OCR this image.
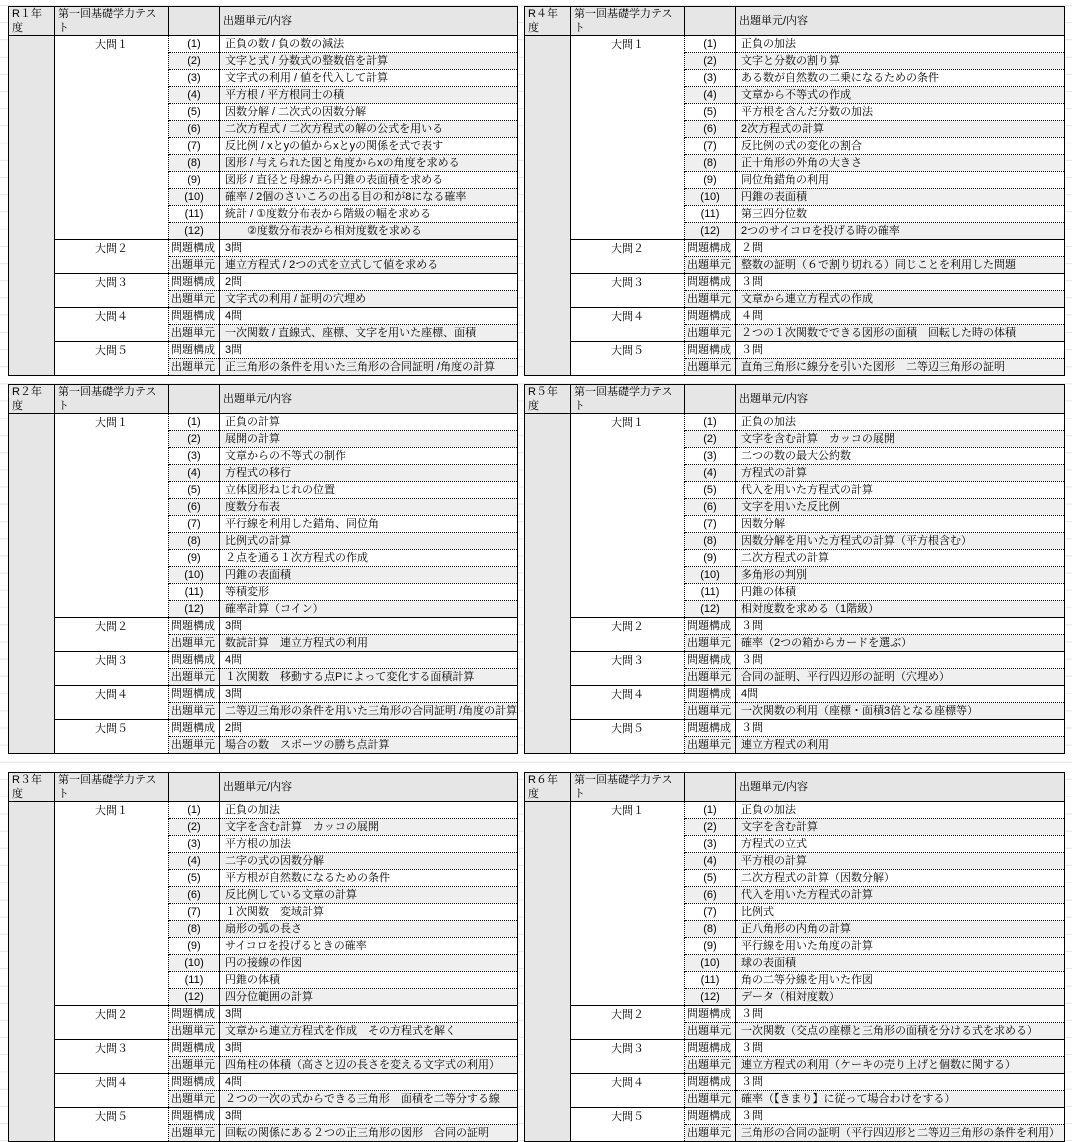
R１年度	第一回基礎学力テスト		出題単元/内容
	大問１	(1)	正負の数 / 負の数の減法
		(2)	文字と式 / 分数式の整数倍を計算
		(3)	文字式の利用 / 値を代入して計算
		(4)	平方根 / 平方根同士の積
		(5)	因数分解 / 二次式の因数分解
		(6)	二次方程式 / 二次方程式の解の公式を用いる
		(7)	反比例 / xとyの値からxとyの関係を式で表す
		(8)	図形 / 与えられた図と角度からxの角度を求める
		(9)	図形 / 直径と母線から円錐の表面積を求める
		(10)	確率 / 2個のさいころの出る目の和が8になる確率
		(11)	統計 / ①度数分布表から階級の幅を求める
		(12)	　　②度数分布表から相対度数を求める
	大問２	問題構成	3問
		出題単元	連立方程式 / 2つの式を立式して値を求める
	大問３	問題構成	2問
		出題単元	文字式の利用 / 証明の穴埋め
	大問４	問題構成	4問
		出題単元	一次関数 / 直線式、座標、文字を用いた座標、面積
	大問５	問題構成	3問
		出題単元	正三角形の条件を用いた三角形の合同証明 /角度の計算
R４年度	第一回基礎学力テスト		出題単元/内容
	大問１	(1)	正負の加法
		(2)	文字と分数の割り算
		(3)	ある数が自然数の二乗になるための条件
		(4)	文章から不等式の作成
		(5)	平方根を含んだ分数の加法
		(6)	2次方程式の計算
		(7)	反比例の式の変化の割合
		(8)	正十角形の外角の大きさ
		(9)	同位角錯角の利用
		(10)	円錐の表面積
		(11)	第三四分位数
		(12)	2つのサイコロを投げる時の確率
	大問２	問題構成	２問
		出題単元	整数の証明（６で割り切れる）同じことを利用した問題
	大問３	問題構成	３問
		出題単元	文章から連立方程式の作成
	大問４	問題構成	４問
		出題単元	２つの１次関数でできる図形の面積　回転した時の体積
	大問５	問題構成	３問
		出題単元	直角三角形に線分を引いた図形　二等辺三角形の証明
R２年度	第一回基礎学力テスト		出題単元/内容
	大問１	(1)	正負の計算
		(2)	展開の計算
		(3)	文章からの不等式の制作
		(4)	方程式の移行
		(5)	立体図形ねじれの位置
		(6)	度数分布表
		(7)	平行線を利用した錯角、同位角
		(8)	比例式の計算
		(9)	２点を通る１次方程式の作成
		(10)	円錐の表面積
		(11)	等積変形
		(12)	確率計算（コイン）
	大問２	問題構成	3問
		出題単元	数読計算　連立方程式の利用
	大問３	問題構成	4問
		出題単元	１次関数　移動する点Pによって変化する面積計算
	大問４	問題構成	3問
		出題単元	二等辺三角形の条件を用いた三角形の合同証明 /角度の計算
	大問５	問題構成	2問
		出題単元	場合の数　スポーツの勝ち点計算
R５年度	第一回基礎学力テスト		出題単元/内容
	大問１	(1)	正負の加法
		(2)	文字を含む計算　カッコの展開
		(3)	二つの数の最大公約数
		(4)	方程式の計算
		(5)	代入を用いた方程式の計算
		(6)	文字を用いた反比例
		(7)	因数分解
		(8)	因数分解を用いた方程式の計算（平方根含む）
		(9)	二次方程式の計算
		(10)	多角形の判別
		(11)	円錐の体積
		(12)	相対度数を求める（1階級）
	大問２	問題構成	３問
		出題単元	確率（2つの箱からカードを選ぶ）
	大問３	問題構成	３問
		出題単元	合同の証明、平行四辺形の証明（穴埋め）
	大問４	問題構成	4問
		出題単元	一次関数の利用（座標・面積3倍となる座標等）
	大問５	問題構成	３問
		出題単元	連立方程式の利用
R３年度	第一回基礎学力テスト		出題単元/内容
	大問１	(1)	正負の加法
		(2)	文字を含む計算　カッコの展開
		(3)	平方根の加法
		(4)	二字の式の因数分解
		(5)	平方根が自然数になるための条件
		(6)	反比例している文章の計算
		(7)	１次関数　変域計算
		(8)	扇形の弧の長さ
		(9)	サイコロを投げるときの確率
		(10)	円の接線の作図
		(11)	円錐の体積
		(12)	四分位範囲の計算
	大問２	問題構成	3問
		出題単元	文章から連立方程式を作成　その方程式を解く
	大問３	問題構成	3問
		出題単元	四角柱の体積（高さと辺の長さを変える文字式の利用）
	大問４	問題構成	4問
		出題単元	２つの一次の式からできる三角形　面積を二等分する線
	大問５	問題構成	3問
		出題単元	回転の関係にある２つの正三角形の図形　合同の証明
R６年度	第一回基礎学力テスト		出題単元/内容
	大問１	(1)	正負の加法
		(2)	文字を含む計算
		(3)	方程式の立式
		(4)	平方根の計算
		(5)	二次方程式の計算（因数分解）
		(6)	代入を用いた方程式の計算
		(7)	比例式
		(8)	正八角形の内角の計算
		(9)	平行線を用いた角度の計算
		(10)	球の表面積
		(11)	角の二等分線を用いた作図
		(12)	データ（相対度数）
	大問２	問題構成	３問
		出題単元	一次関数（交点の座標と三角形の面積を分ける式を求める）
	大問３	問題構成	３問
		出題単元	連立方程式の利用（ケーキの売り上げと個数に関する）
	大問４	問題構成	３問
		出題単元	確率（【きまり】に従って場合わけをする）
	大問５	問題構成	３問
		出題単元	三角形の合同の証明（平行四辺形と二等辺三角形の条件を利用）
